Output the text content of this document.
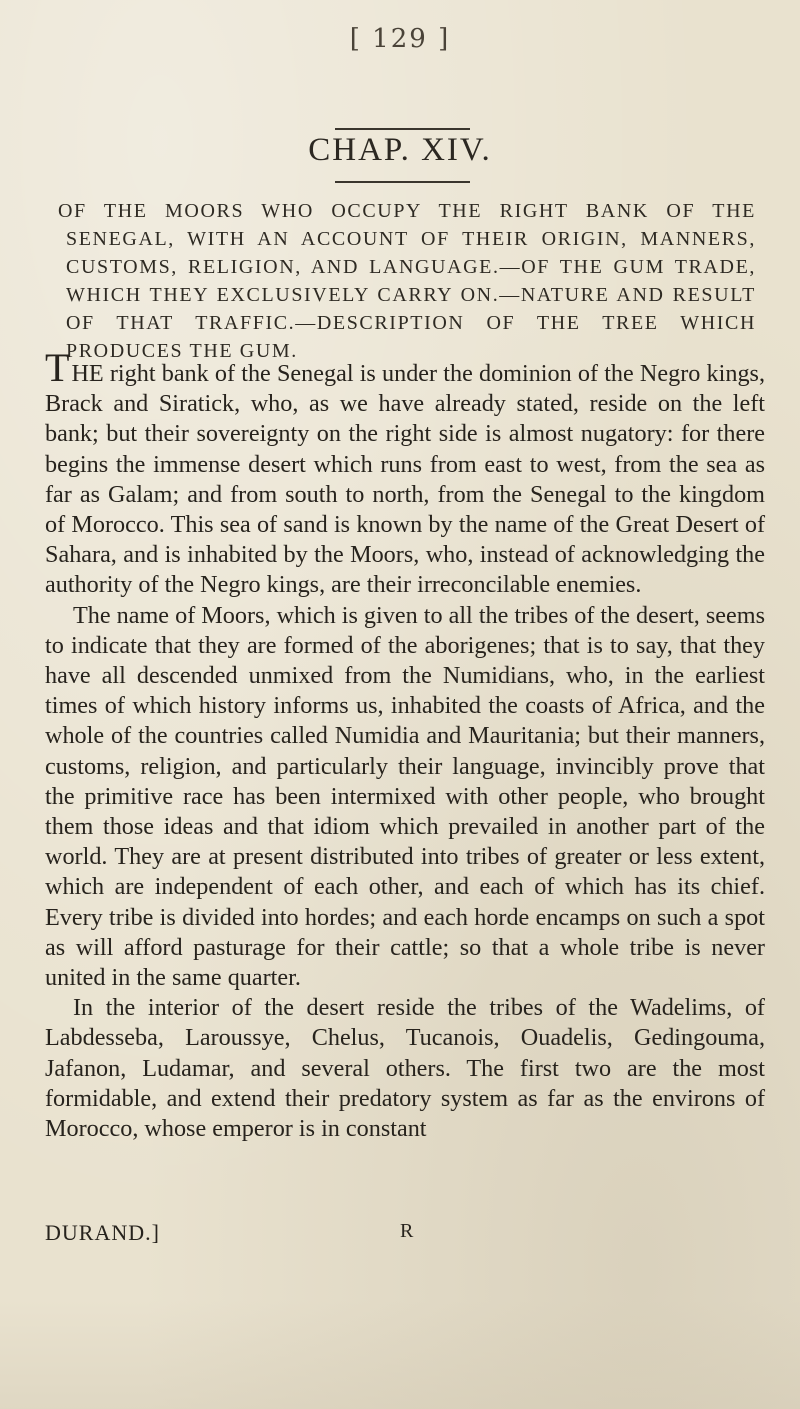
[ 129 ]
CHAP. XIV.
OF THE MOORS WHO OCCUPY THE RIGHT BANK OF THE SENEGAL, WITH AN ACCOUNT OF THEIR ORIGIN, MANNERS, CUSTOMS, RELIGION, AND LANGUAGE.—OF THE GUM TRADE, WHICH THEY EXCLUSIVELY CARRY ON.—NATURE AND RESULT OF THAT TRAFFIC.—DESCRIPTION OF THE TREE WHICH PRODUCES THE GUM.

THE right bank of the Senegal is under the dominion of the Negro kings, Brack and Siratick, who, as we have already stated, reside on the left bank; but their sovereignty on the right side is almost nugatory: for there begins the immense desert which runs from east to west, from the sea as far as Galam; and from south to north, from the Senegal to the kingdom of Morocco. This sea of sand is known by the name of the Great Desert of Sahara, and is inhabited by the Moors, who, instead of acknowledging the authority of the Negro kings, are their irreconcilable enemies.

The name of Moors, which is given to all the tribes of the desert, seems to indicate that they are formed of the aborigenes; that is to say, that they have all descended unmixed from the Numidians, who, in the earliest times of which history informs us, inhabited the coasts of Africa, and the whole of the countries called Numidia and Mauritania; but their manners, customs, religion, and particularly their language, invincibly prove that the primitive race has been intermixed with other people, who brought them those ideas and that idiom which prevailed in another part of the world. They are at present distributed into tribes of greater or less extent, which are independent of each other, and each of which has its chief. Every tribe is divided into hordes; and each horde encamps on such a spot as will afford pasturage for their cattle; so that a whole tribe is never united in the same quarter.

In the interior of the desert reside the tribes of the Wadelims, of Labdesseba, Laroussye, Chelus, Tucanois, Ouadelis, Gedingouma, Jafanon, Ludamar, and several others. The first two are the most formidable, and extend their predatory system as far as the environs of Morocco, whose emperor is in constant

DURAND.]	R
